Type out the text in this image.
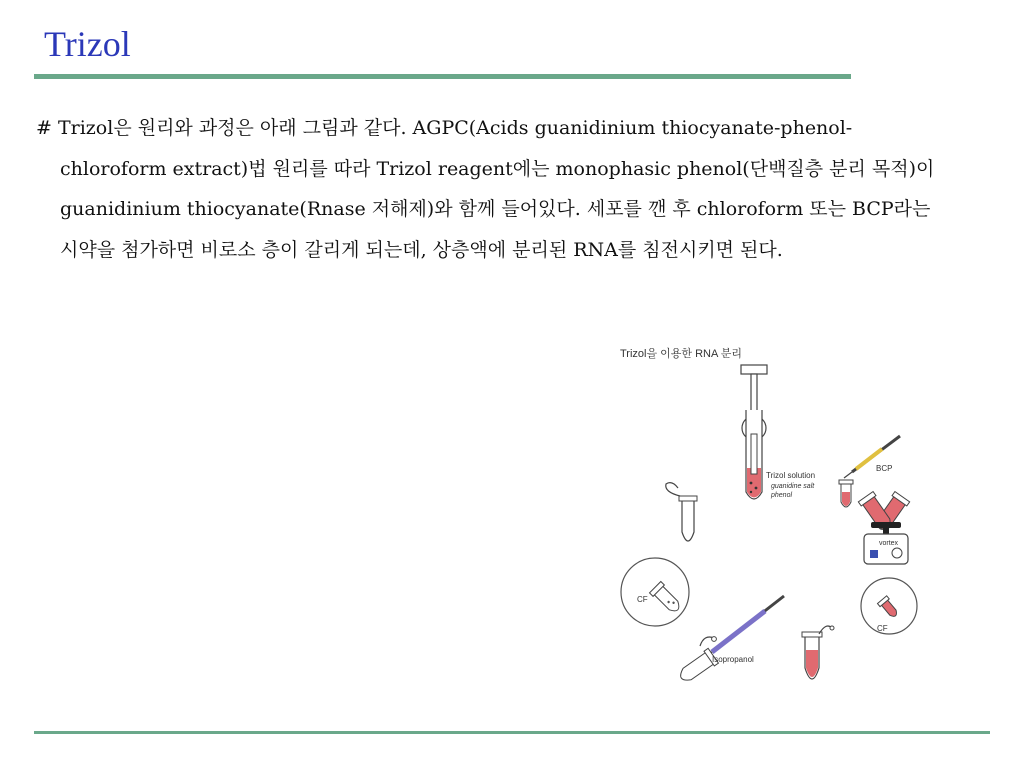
Trizol

# Trizol은 원리와 과정은 아래 그림과 같다. AGPC(Acids guanidinium thiocyanate-phenol-chloroform extract)법 원리를 따라 Trizol reagent에는 monophasic phenol(단백질층 분리 목적)이 guanidinium thiocyanate(Rnase 저해제)와 함께 들어있다. 세포를 깬 후 chloroform 또는 BCP라는 시약을 첨가하면 비로소 층이 갈리게 되는데, 상층액에 분리된 RNA를 침전시키면 된다.

Trizol을 이용한 RNA 분리
Trizol solution
guanidine salt
phenol
BCP
vortex
CF
Isopropanol
CF
